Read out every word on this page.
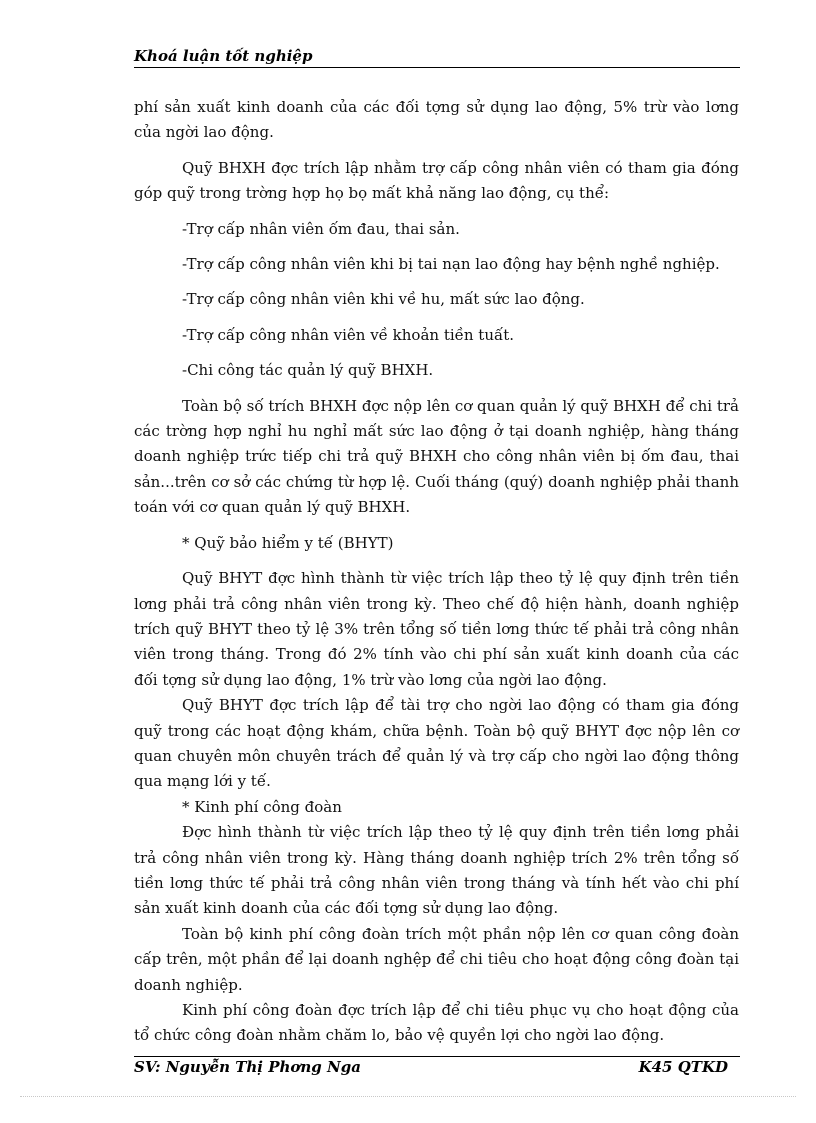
Khoá luận tốt nghiệp

phí sản xuất kinh doanh của các đối tợng sử dụng lao động, 5% trừ vào lơng của ngời lao động.

Quỹ BHXH đợc trích lập nhằm trợ cấp công nhân viên có tham gia đóng góp quỹ trong trờng hợp họ bọ mất khả năng lao động, cụ thể:

-Trợ cấp nhân viên ốm đau, thai sản.

-Trợ cấp công nhân viên khi bị tai nạn lao động hay bệnh nghề nghiệp.

-Trợ cấp công nhân viên khi về hu, mất sức lao động.

-Trợ cấp công nhân viên về khoản tiền tuất.

-Chi công tác quản lý quỹ BHXH.

Toàn bộ số trích BHXH đợc nộp lên cơ quan quản lý quỹ BHXH để chi trả các trờng hợp nghỉ hu nghỉ mất sức lao động ở tại doanh nghiệp, hàng tháng doanh nghiệp trức tiếp chi trả quỹ BHXH cho công nhân viên bị ốm đau, thai sản...trên cơ sở các chứng từ hợp lệ. Cuối tháng (quý) doanh nghiệp phải thanh toán với cơ quan quản lý quỹ BHXH.

* Quỹ bảo hiểm y tế (BHYT)

Quỹ BHYT đợc hình thành từ việc trích lập theo tỷ lệ quy định trên tiền lơng phải trả công nhân viên trong kỳ. Theo chế độ hiện hành, doanh nghiệp trích quỹ BHYT theo tỷ lệ 3% trên tổng số tiền lơng thức tế phải trả công nhân viên trong tháng. Trong đó 2% tính vào chi phí sản xuất kinh doanh của các đối tợng sử dụng lao động, 1% trừ vào lơng của ngời lao động.

Quỹ BHYT đợc trích lập để tài trợ cho ngời lao động có tham gia đóng quỹ trong các hoạt động khám, chữa bệnh. Toàn bộ quỹ BHYT đợc nộp lên cơ quan chuyên môn chuyên trách để quản lý và trợ cấp cho ngời lao động thông qua mạng lới y tế.

* Kinh phí công đoàn

Đợc hình thành từ việc trích lập theo tỷ lệ quy định trên tiền lơng phải trả công nhân viên trong kỳ. Hàng tháng doanh nghiệp trích 2% trên tổng số tiền lơng thức tế phải trả công nhân viên trong tháng và tính hết vào chi phí sản xuất kinh doanh của các đối tợng sử dụng lao động.

Toàn bộ kinh phí công đoàn trích một phần nộp lên cơ quan công đoàn cấp trên, một phần để lại doanh nghệp để chi tiêu cho hoạt động công đoàn tại doanh nghiệp.

Kinh phí công đoàn đợc trích lập để chi tiêu phục vụ cho hoạt động của tổ chức công đoàn nhằm chăm lo, bảo vệ quyền lợi cho ngời lao động.

SV: Nguyễn Thị Phơng Nga	K45 QTKD
